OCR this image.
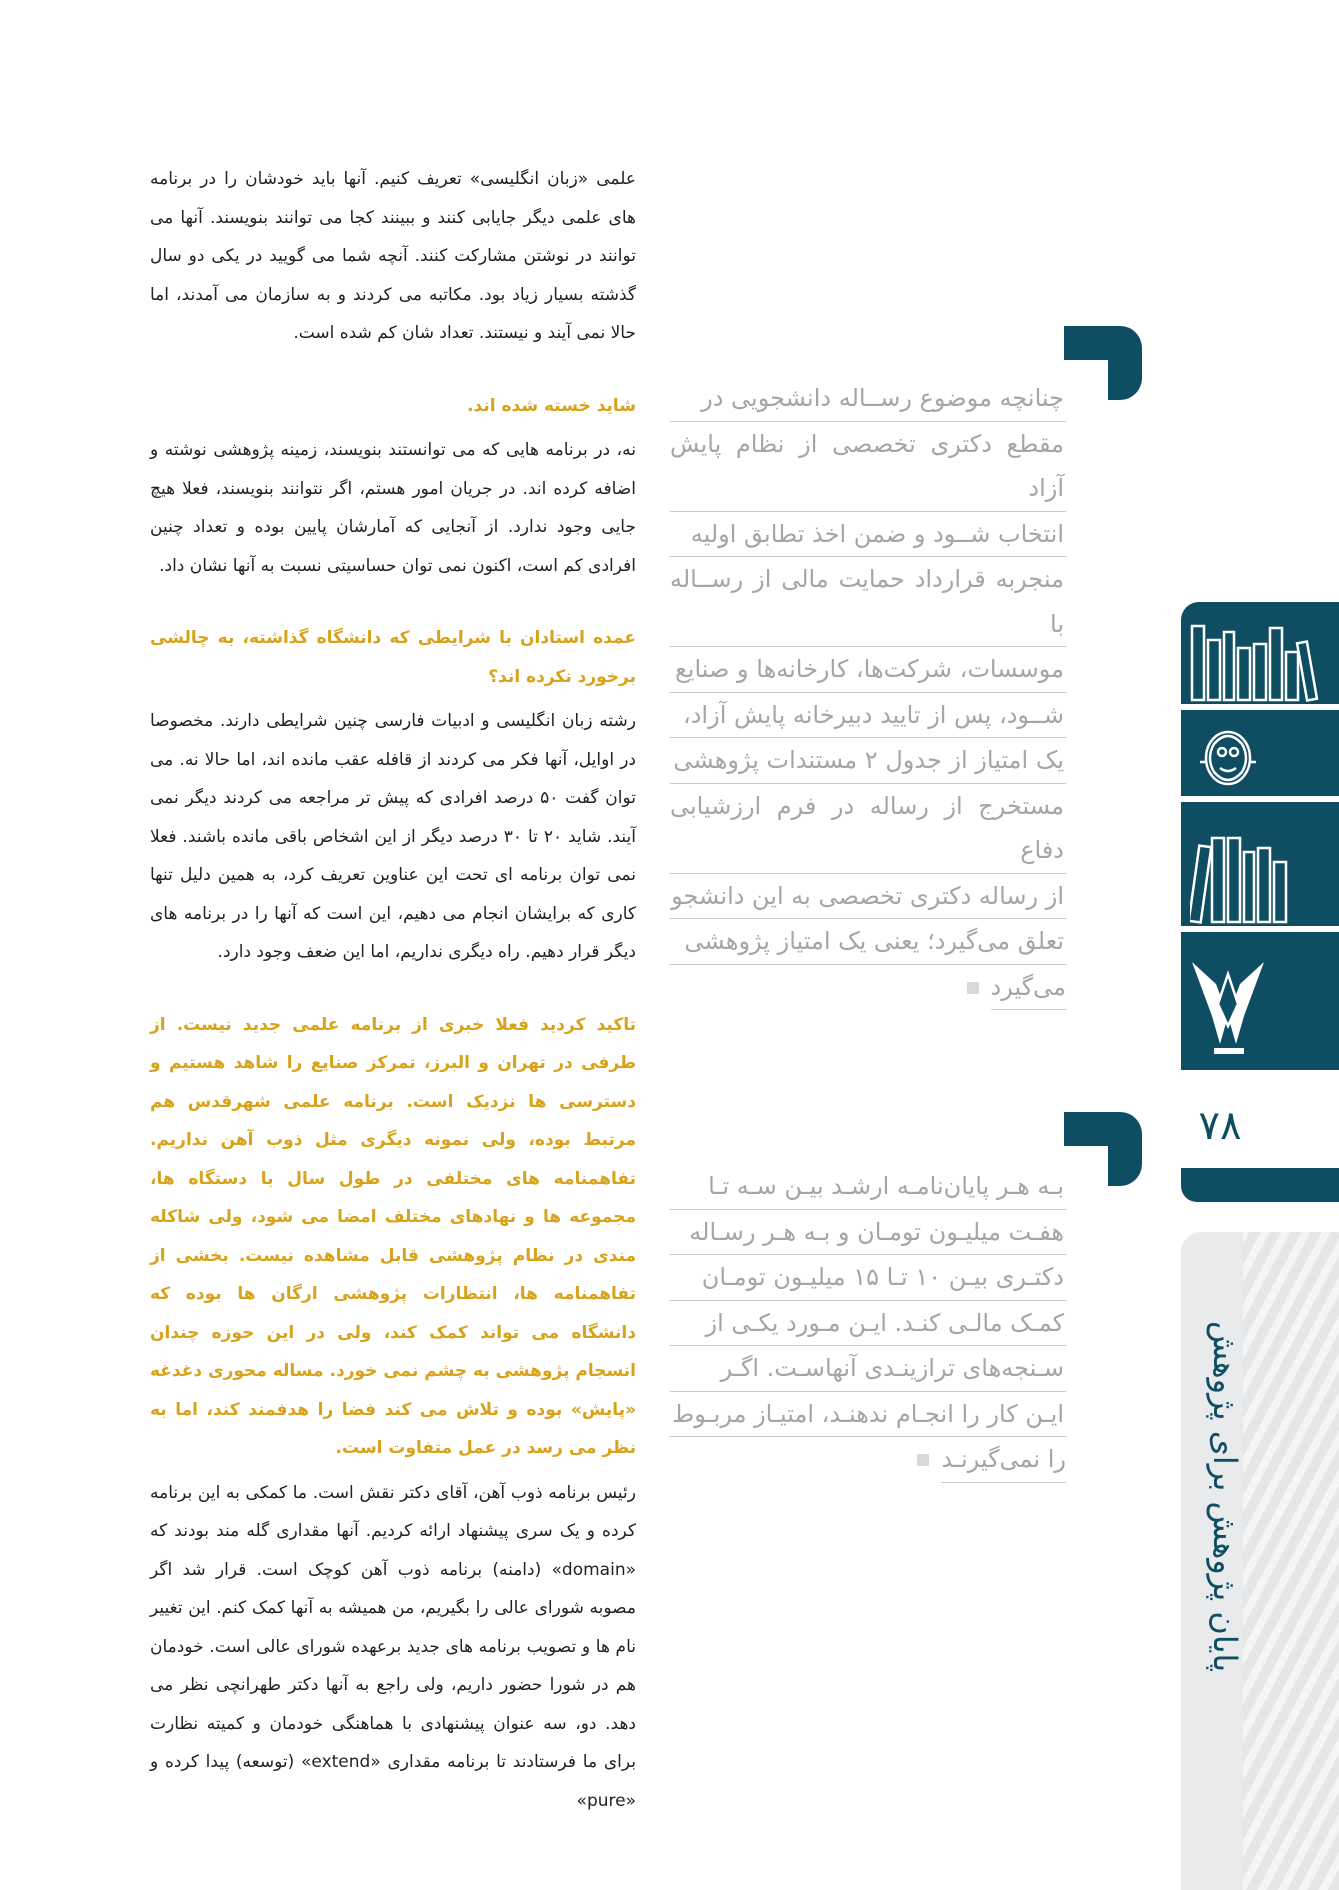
علمی «زبان انگلیسی» تعریف کنیم. آنها باید خودشان را در برنامه های علمی دیگر جایابی کنند و ببینند کجا می توانند بنویسند. آنها می توانند در نوشتن مشارکت کنند. آنچه شما می گویید در یکی دو سال گذشته بسیار زیاد بود. مکاتبه می کردند و به سازمان می آمدند، اما حالا نمی آیند و نیستند. تعداد شان کم شده است.

شاید خسته شده اند.

نه، در برنامه هایی که می توانستند بنویسند، زمینه پژوهشی نوشته و اضافه کرده اند. در جریان امور هستم، اگر نتوانند بنویسند، فعلا هیچ جایی وجود ندارد. از آنجایی که آمارشان پایین بوده و تعداد چنین افرادی کم است، اکنون نمی توان حساسیتی نسبت به آنها نشان داد.

عمده استادان با شرایطی که دانشگاه گذاشته، به چالشی برخورد نکرده اند؟

رشته زبان انگلیسی و ادبیات فارسی چنین شرایطی دارند. مخصوصا در اوایل، آنها فکر می کردند از قافله عقب مانده اند، اما حالا نه. می توان گفت ۵۰ درصد افرادی که پیش تر مراجعه می کردند دیگر نمی آیند. شاید ۲۰ تا ۳۰ درصد دیگر از این اشخاص باقی مانده باشند. فعلا نمی توان برنامه ای تحت این عناوین تعریف کرد، به همین دلیل تنها کاری که برایشان انجام می دهیم، این است که آنها را در برنامه های دیگر قرار دهیم. راه دیگری نداریم، اما این ضعف وجود دارد.

تاکید کردید فعلا خبری از برنامه علمی جدید نیست. از طرفی در تهران و البرز، تمرکز صنایع را شاهد هستیم و دسترسی ها نزدیک است. برنامه علمی شهرقدس هم مرتبط بوده، ولی نمونه دیگری مثل ذوب آهن نداریم. تفاهمنامه های مختلفی در طول سال با دستگاه ها، مجموعه ها و نهادهای مختلف امضا می شود، ولی شاکله مندی در نظام پژوهشی قابل مشاهده نیست. بخشی از تفاهمنامه ها، انتظارات پژوهشی ارگان ها بوده که دانشگاه می تواند کمک کند، ولی در این حوزه چندان انسجام پژوهشی به چشم نمی خورد. مساله محوری دغدغه «پایش» بوده و تلاش می کند فضا را هدفمند کند، اما به نظر می رسد در عمل متفاوت است.

رئیس برنامه ذوب آهن، آقای دکتر نقش است. ما کمکی به این برنامه کرده و یک سری پیشنهاد ارائه کردیم. آنها مقداری گله مند بودند که «domain» (دامنه) برنامه ذوب آهن کوچک است. قرار شد اگر مصوبه شورای عالی را بگیریم، من همیشه به آنها کمک کنم. این تغییر نام ها و تصویب برنامه های جدید برعهده شورای عالی است. خودمان هم در شورا حضور داریم، ولی راجع به آنها دکتر طهرانچی نظر می دهد. دو، سه عنوان پیشنهادی با هماهنگی خودمان و کمیته نظارت برای ما فرستادند تا برنامه مقداری «extend» (توسعه) پیدا کرده و «pure»

چنانچه موضوع رســاله دانشجویی در
مقطع دکتری تخصصی از نظام پایش آزاد
انتخاب شــود و ضمن اخذ تطابق اولیه
منجربه قرارداد حمایت مالی از رســاله با
موسسات، شرکت‌ها، کارخانه‌ها و صنایع
شــود، پس از تایید دبیرخانه پایش آزاد،
یک امتیاز از جدول ۲ مستندات پژوهشی
مستخرج از رساله در فرم ارزشیابی دفاع
از رساله دکتری تخصصی به این دانشجو
تعلق می‌گیرد؛ یعنی یک امتیاز پژوهشی
می‌گیرد
بـه هـر پایان‌نامـه ارشـد بیـن سـه تـا
هفـت میلیـون تومـان و بـه هـر رسـاله
دکتـری بیـن ۱۰ تـا ۱۵ میلیـون تومـان
کمـک مالـی کنـد. ایـن مـورد یکـی از
سـنجه‌های ترازینـدی آنهاسـت. اگـر
ایـن کار را انجـام ندهنـد، امتیـاز مربـوط
را نمی‌گیرنـد
۷۸
پایان پژوهش برای پژوهش
